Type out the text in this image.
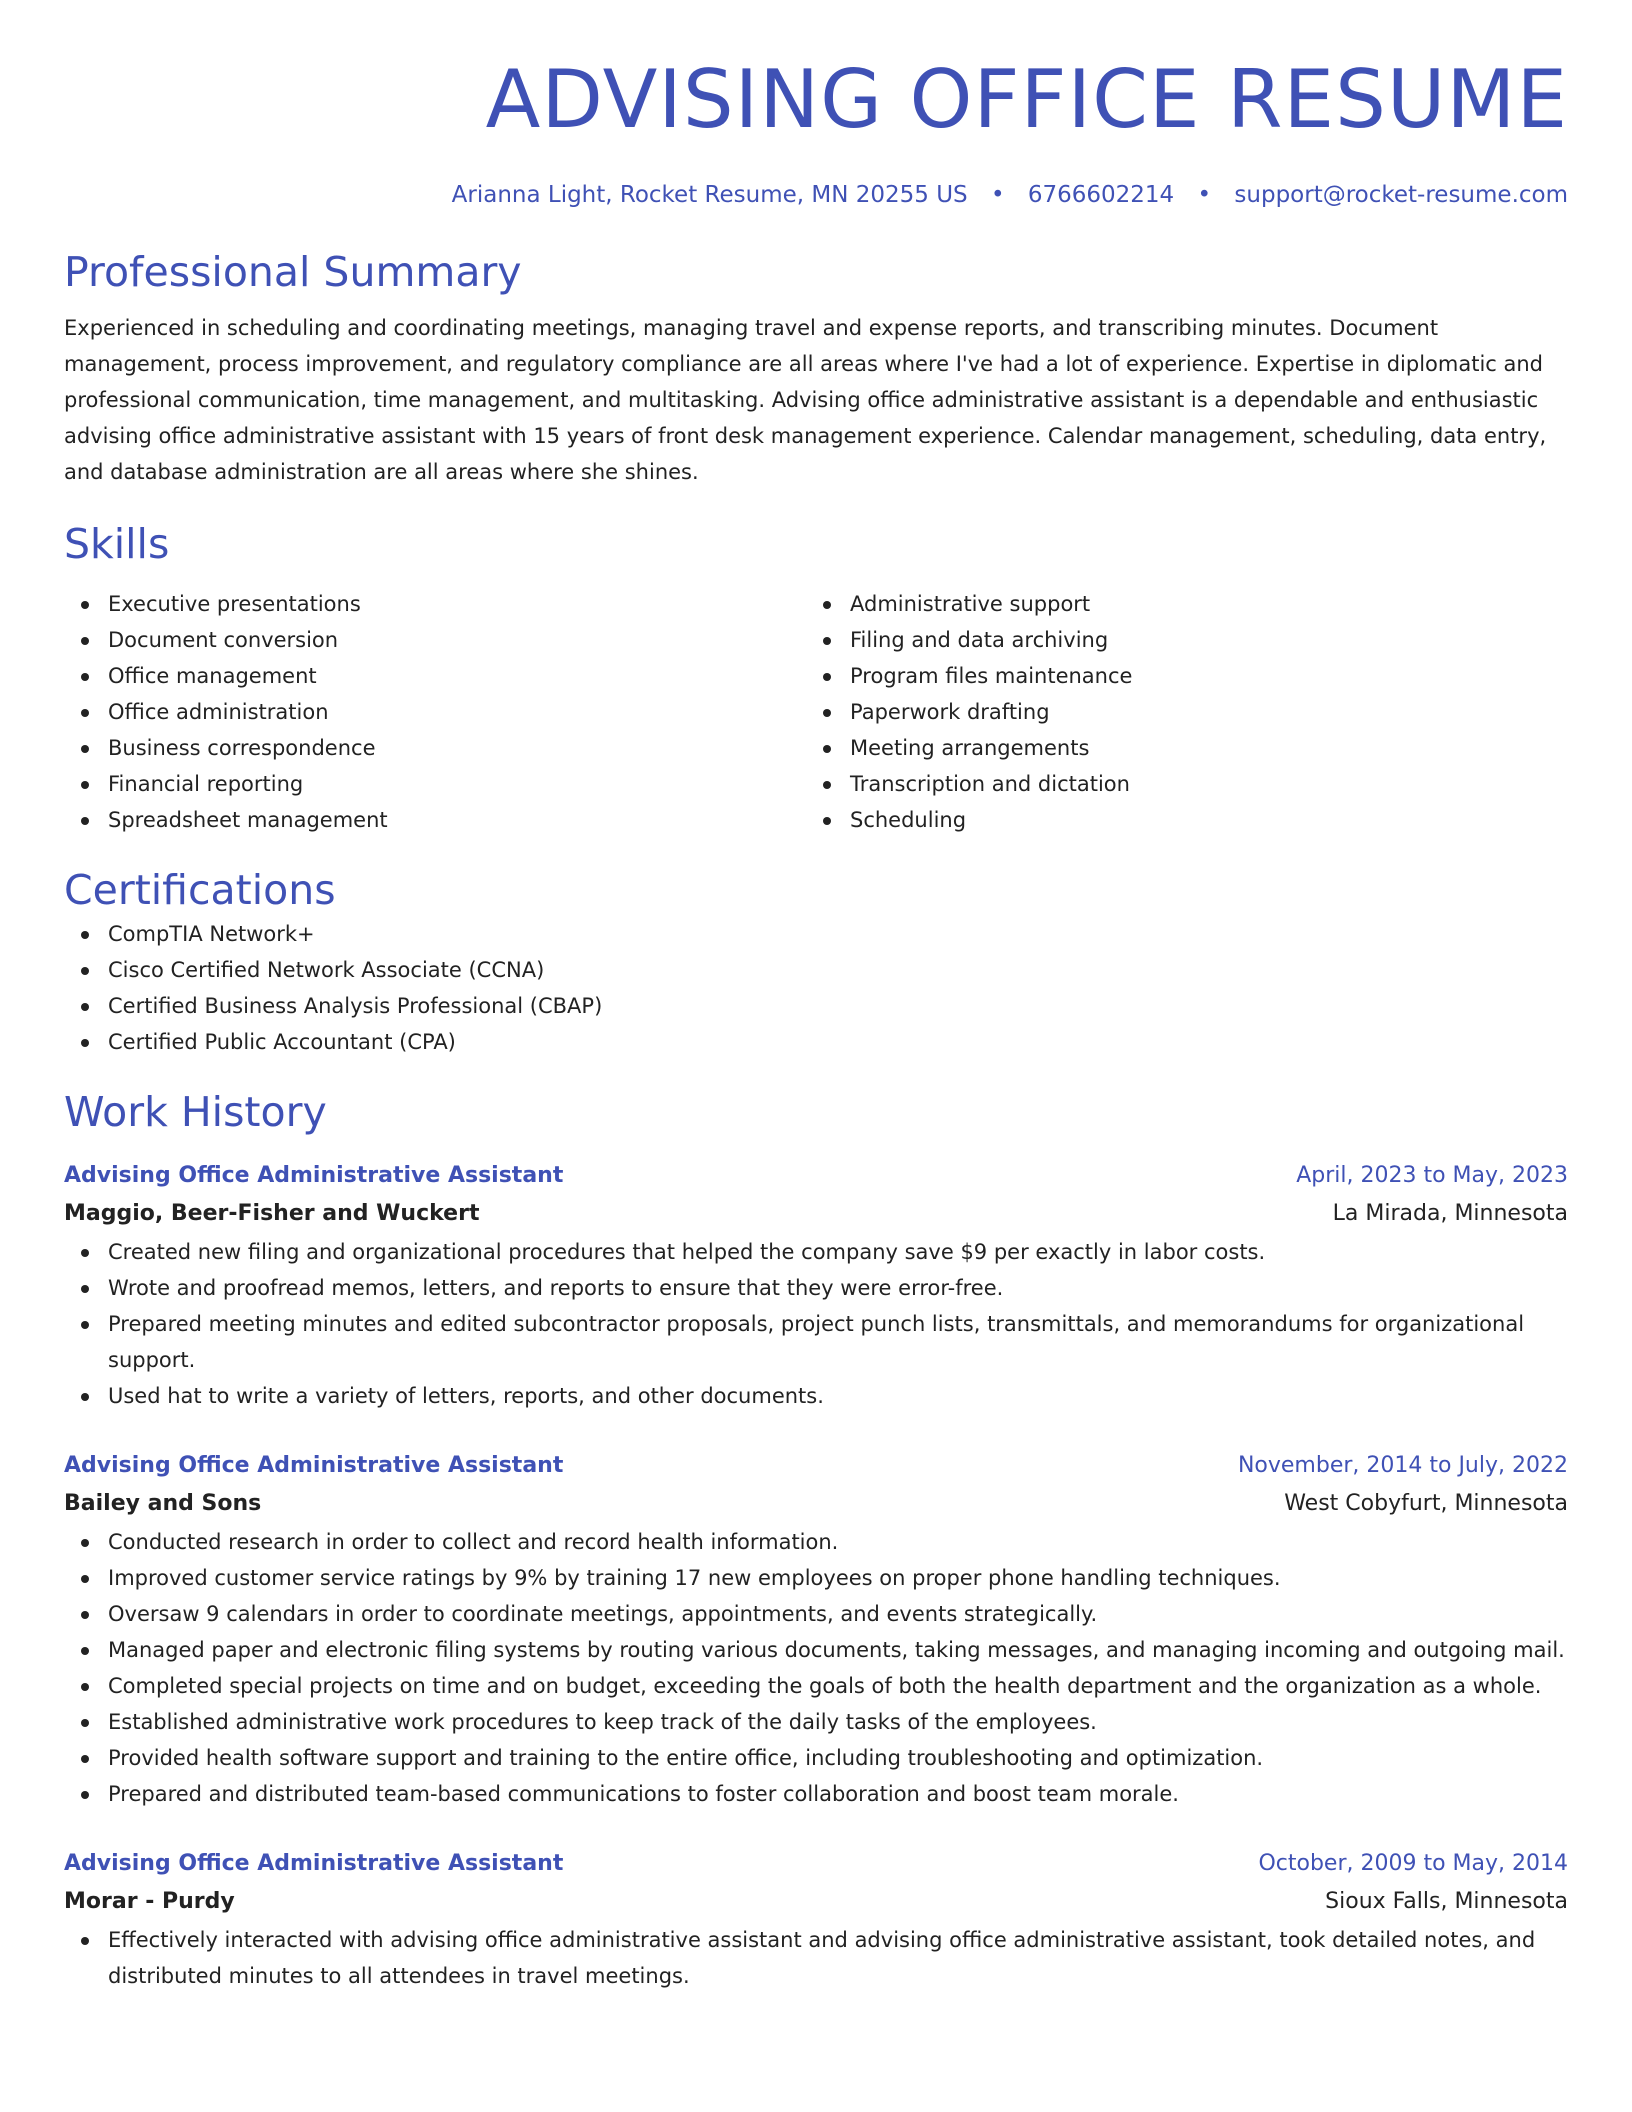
ADVISING OFFICE RESUME
Arianna Light, Rocket Resume, MN 20255 US • 6766602214 • support@rocket-resume.com
Professional Summary

Experienced in scheduling and coordinating meetings, managing travel and expense reports, and transcribing minutes. Document management, process improvement, and regulatory compliance are all areas where I've had a lot of experience. Expertise in diplomatic and professional communication, time management, and multitasking. Advising office administrative assistant is a dependable and enthusiastic advising office administrative assistant with 15 years of front desk management experience. Calendar management, scheduling, data entry, and database administration are all areas where she shines.

Skills
Executive presentations
Document conversion
Office management
Office administration
Business correspondence
Financial reporting
Spreadsheet management
Administrative support
Filing and data archiving
Program files maintenance
Paperwork drafting
Meeting arrangements
Transcription and dictation
Scheduling
Certifications
CompTIA Network+
Cisco Certified Network Associate (CCNA)
Certified Business Analysis Professional (CBAP)
Certified Public Accountant (CPA)
Work History
Advising Office Administrative Assistant	April, 2023 to May, 2023
Maggio, Beer-Fisher and Wuckert	La Mirada, Minnesota
Created new filing and organizational procedures that helped the company save $9 per exactly in labor costs.
Wrote and proofread memos, letters, and reports to ensure that they were error-free.
Prepared meeting minutes and edited subcontractor proposals, project punch lists, transmittals, and memorandums for organizational support.
Used hat to write a variety of letters, reports, and other documents.
Advising Office Administrative Assistant	November, 2014 to July, 2022
Bailey and Sons	West Cobyfurt, Minnesota
Conducted research in order to collect and record health information.
Improved customer service ratings by 9% by training 17 new employees on proper phone handling techniques.
Oversaw 9 calendars in order to coordinate meetings, appointments, and events strategically.
Managed paper and electronic filing systems by routing various documents, taking messages, and managing incoming and outgoing mail.
Completed special projects on time and on budget, exceeding the goals of both the health department and the organization as a whole.
Established administrative work procedures to keep track of the daily tasks of the employees.
Provided health software support and training to the entire office, including troubleshooting and optimization.
Prepared and distributed team-based communications to foster collaboration and boost team morale.
Advising Office Administrative Assistant	October, 2009 to May, 2014
Morar - Purdy	Sioux Falls, Minnesota
Effectively interacted with advising office administrative assistant and advising office administrative assistant, took detailed notes, and distributed minutes to all attendees in travel meetings.
